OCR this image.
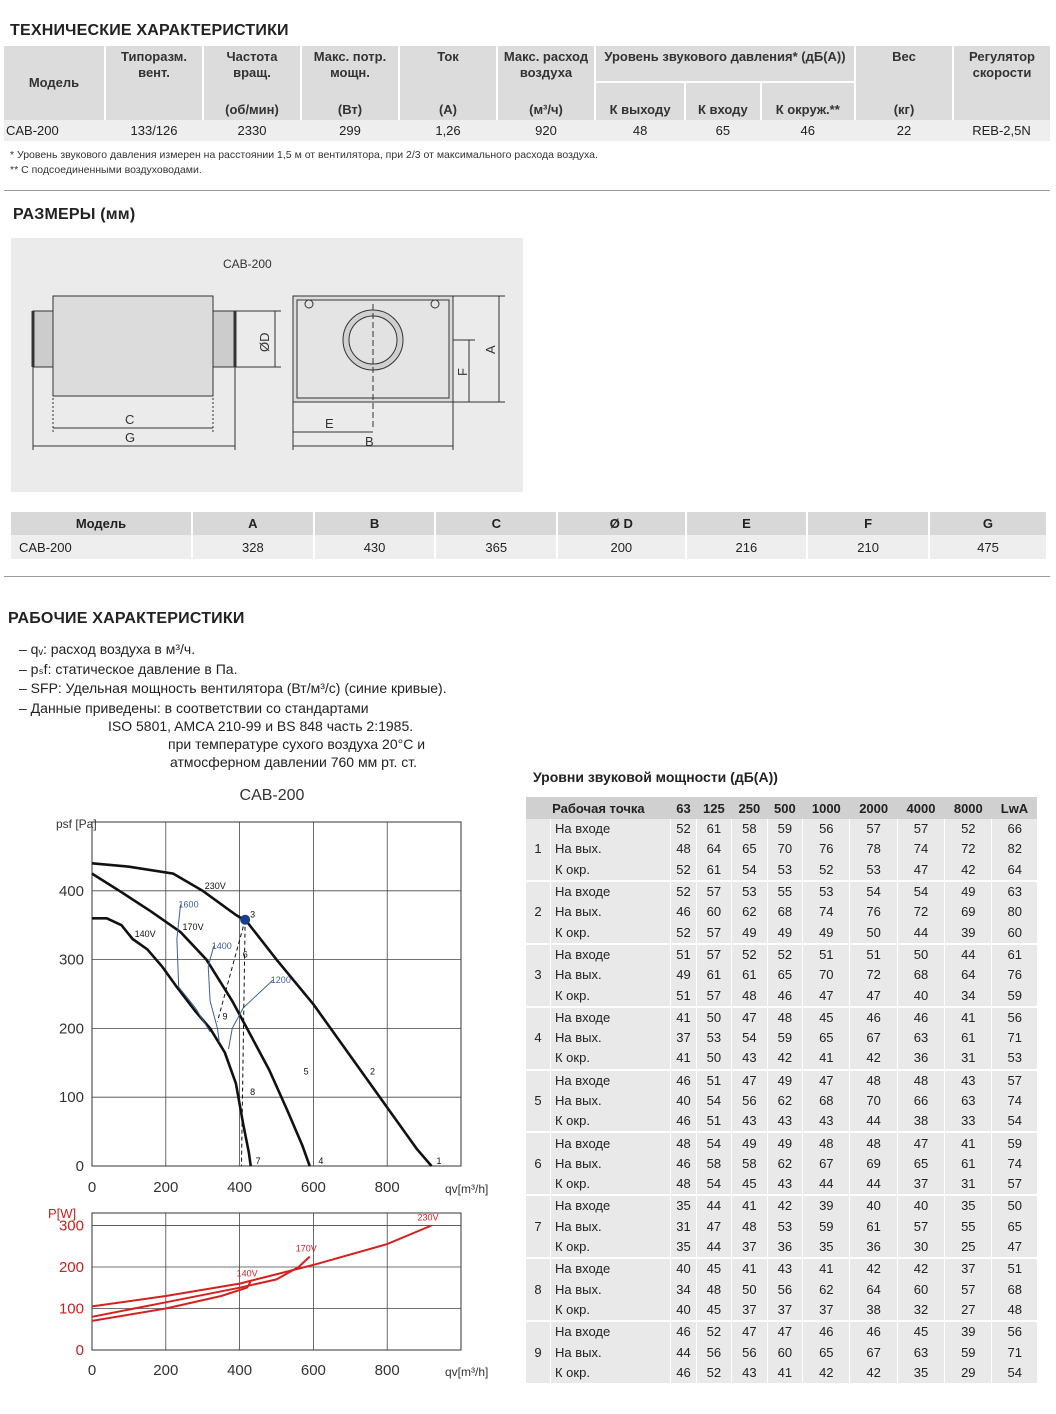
ТЕХНИЧЕСКИЕ ХАРАКТЕРИСТИКИ
Модель	Типоразм. вент.	Частота вращ.	Макс. потр. мощн.	Ток	Макс. расход воздуха	Уровень звукового давления* (дБ(А))			Вес	Регулятор скорости

		(об/мин)	(Вт)	(А)	(м³/ч)	К выходу	К входу	К окруж.**	(кг)	
CAB-200	133/126	2330	299	1,26	920	48	65	46	22	REB-2,5N
* Уровень звукового давления измерен на расстоянии 1,5 м от вентилятора, при 2/3 от максимального расхода воздуха.
** С подсоединенными воздуховодами.
РАЗМЕРЫ (мм)
CAB-200
C
G
ØD
E
B
F
A
Модель	A	B	C	Ø D	E	F	G
CAB-200	328	430	365	200	216	210	475
РАБОЧИЕ ХАРАКТЕРИСТИКИ
– qᵥ: расход воздуха в м³/ч.
– pₛf: статическое давление в Па.
– SFP: Удельная мощность вентилятора (Вт/м³/с) (синие кривые).
– Данные приведены: в соответствии со стандартами
ISO 5801, AMCA 210-99 и BS 848 часть 2:1985.
при температуре сухого воздуха 20°С и
атмосферном давлении 760 мм рт. ст.
CAB-200
0	200	400	600	800
0
100
200
300
400
psf [Pa]
qv[m³/h]
230V
170V
140V
1600
1400
1200
1
2
3
4
5
6
7
8
9
0	200	400	600	800
0
100
200
300
P[W]
qv[m³/h]
230V
170V
140V
Уровни звуковой мощности (дБ(А))
Рабочая точка		63	125	250	500	1000	2000	4000	8000	LwA
1	На входе	52	61	58	59	56	57	57	52	66
	На вых.	48	64	65	70	76	78	74	72	82
	К окр.	52	61	54	53	52	53	47	42	64
2	На входе	52	57	53	55	53	54	54	49	63
	На вых.	46	60	62	68	74	76	72	69	80
	К окр.	52	57	49	49	49	50	44	39	60
3	На входе	51	57	52	52	51	51	50	44	61
	На вых.	49	61	61	65	70	72	68	64	76
	К окр.	51	57	48	46	47	47	40	34	59
4	На входе	41	50	47	48	45	46	46	41	56
	На вых.	37	53	54	59	65	67	63	61	71
	К окр.	41	50	43	42	41	42	36	31	53
5	На входе	46	51	47	49	47	48	48	43	57
	На вых.	40	54	56	62	68	70	66	63	74
	К окр.	46	51	43	43	43	44	38	33	54
6	На входе	48	54	49	49	48	48	47	41	59
	На вых.	46	58	58	62	67	69	65	61	74
	К окр.	48	54	45	43	44	44	37	31	57
7	На входе	35	44	41	42	39	40	40	35	50
	На вых.	31	47	48	53	59	61	57	55	65
	К окр.	35	44	37	36	35	36	30	25	47
8	На входе	40	45	41	43	41	42	42	37	51
	На вых.	34	48	50	56	62	64	60	57	68
	К окр.	40	45	37	37	37	38	32	27	48
9	На входе	46	52	47	47	46	46	45	39	56
	На вых.	44	56	56	60	65	67	63	59	71
	К окр.	46	52	43	41	42	42	35	29	54
